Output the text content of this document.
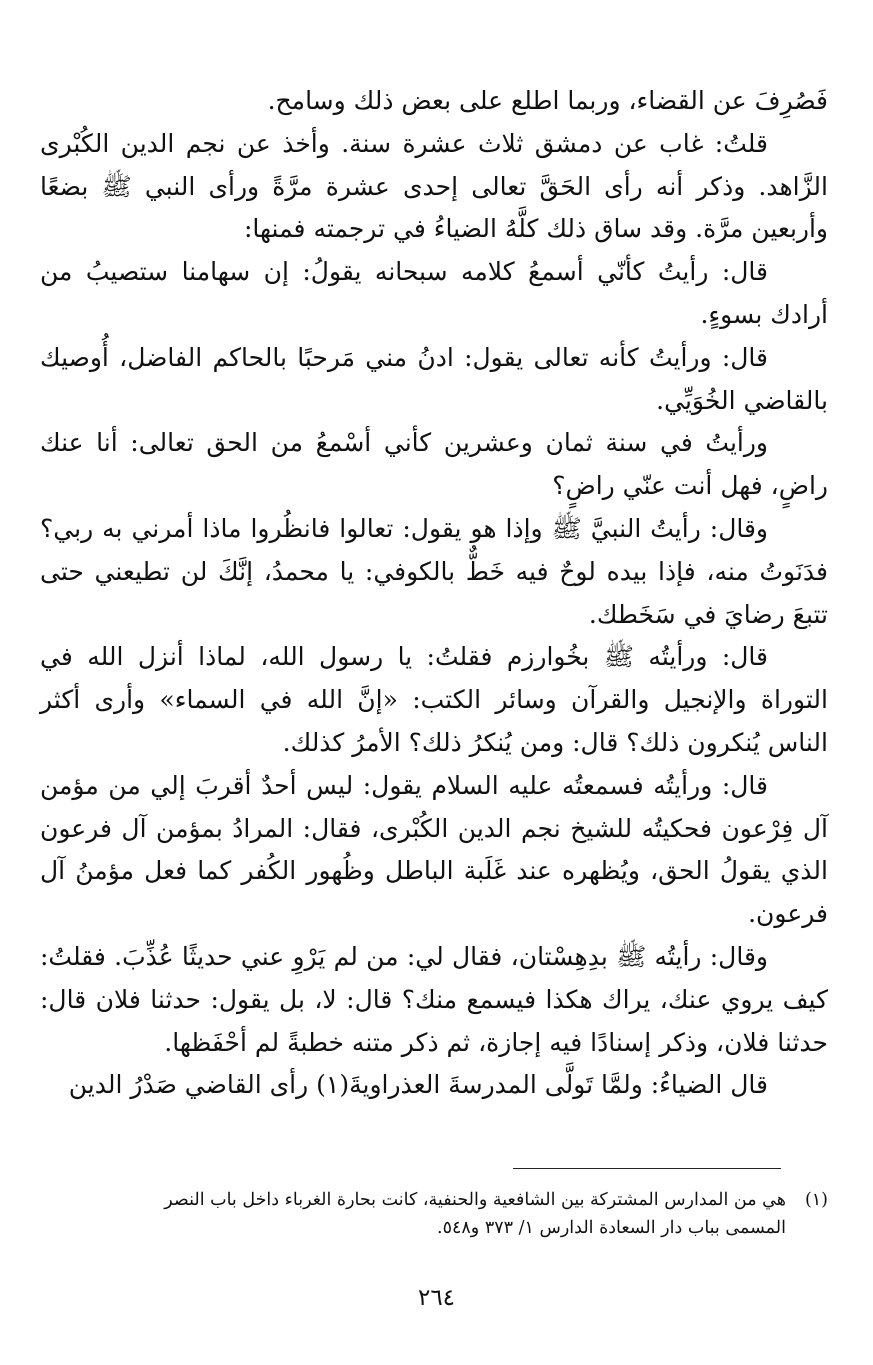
فَصُرِفَ عن القضاء، وربما اطلع على بعض ذلك وسامح.

قلتُ: غاب عن دمشق ثلاث عشرة سنة. وأخذ عن نجم الدين الكُبْرى الزَّاهد. وذكر أنه رأى الحَقَّ تعالى إحدى عشرة مرَّةً ورأى النبي ﷺ بضعًا وأربعين مرَّة. وقد ساق ذلك كلَّهُ الضياءُ في ترجمته فمنها:

قال: رأيتُ كأنّي أسمعُ كلامه سبحانه يقولُ: إن سهامنا ستصيبُ من أرادك بسوءٍ.

قال: ورأيتُ كأنه تعالى يقول: ادنُ مني مَرحبًا بالحاكم الفاضل، أُوصيك بالقاضي الخُوَيِّي.

ورأيتُ في سنة ثمان وعشرين كأني أسْمعُ من الحق تعالى: أنا عنك راضٍ، فهل أنت عنّي راضٍ؟

وقال: رأيتُ النبيَّ ﷺ وإذا هو يقول: تعالوا فانظُروا ماذا أمرني به ربي؟ فدَنَوتُ منه، فإذا بيده لوحٌ فيه خَطٌّ بالكوفي: يا محمدُ، إنَّكَ لن تطيعني حتى تتبعَ رضايَ في سَخَطك.

قال: ورأيتُه ﷺ بخُوارزم فقلتُ: يا رسول الله، لماذا أنزل الله في التوراة والإنجيل والقرآن وسائر الكتب: «إنَّ الله في السماء» وأرى أكثر الناس يُنكرون ذلك؟ قال: ومن يُنكرُ ذلك؟ الأمرُ كذلك.

قال: ورأيتُه فسمعتُه عليه السلام يقول: ليس أحدٌ أقربَ إلي من مؤمن آل فِرْعون فحكيتُه للشيخ نجم الدين الكُبْرى، فقال: المرادُ بمؤمن آل فرعون الذي يقولُ الحق، ويُظهره عند غَلَبة الباطل وظُهور الكُفر كما فعل مؤمنُ آل فرعون.

وقال: رأيتُه ﷺ بدِهِسْتان، فقال لي: من لم يَرْوِ عني حديثًا عُذِّبَ. فقلتُ: كيف يروي عنك، يراك هكذا فيسمع منك؟ قال: لا، بل يقول: حدثنا فلان قال: حدثنا فلان، وذكر إسنادًا فيه إجازة، ثم ذكر متنه خطبةً لم أحْفَظها.

قال الضياءُ: ولمَّا تَولَّى المدرسةَ العذراويةَ(١) رأى القاضي صَدْرُ الدين

(١)
هي من المدارس المشتركة بين الشافعية والحنفية، كانت بحارة الغرباء داخل باب النصر
المسمى بباب دار السعادة الدارس ١/ ٣٧٣ و٥٤٨.
٢٦٤
